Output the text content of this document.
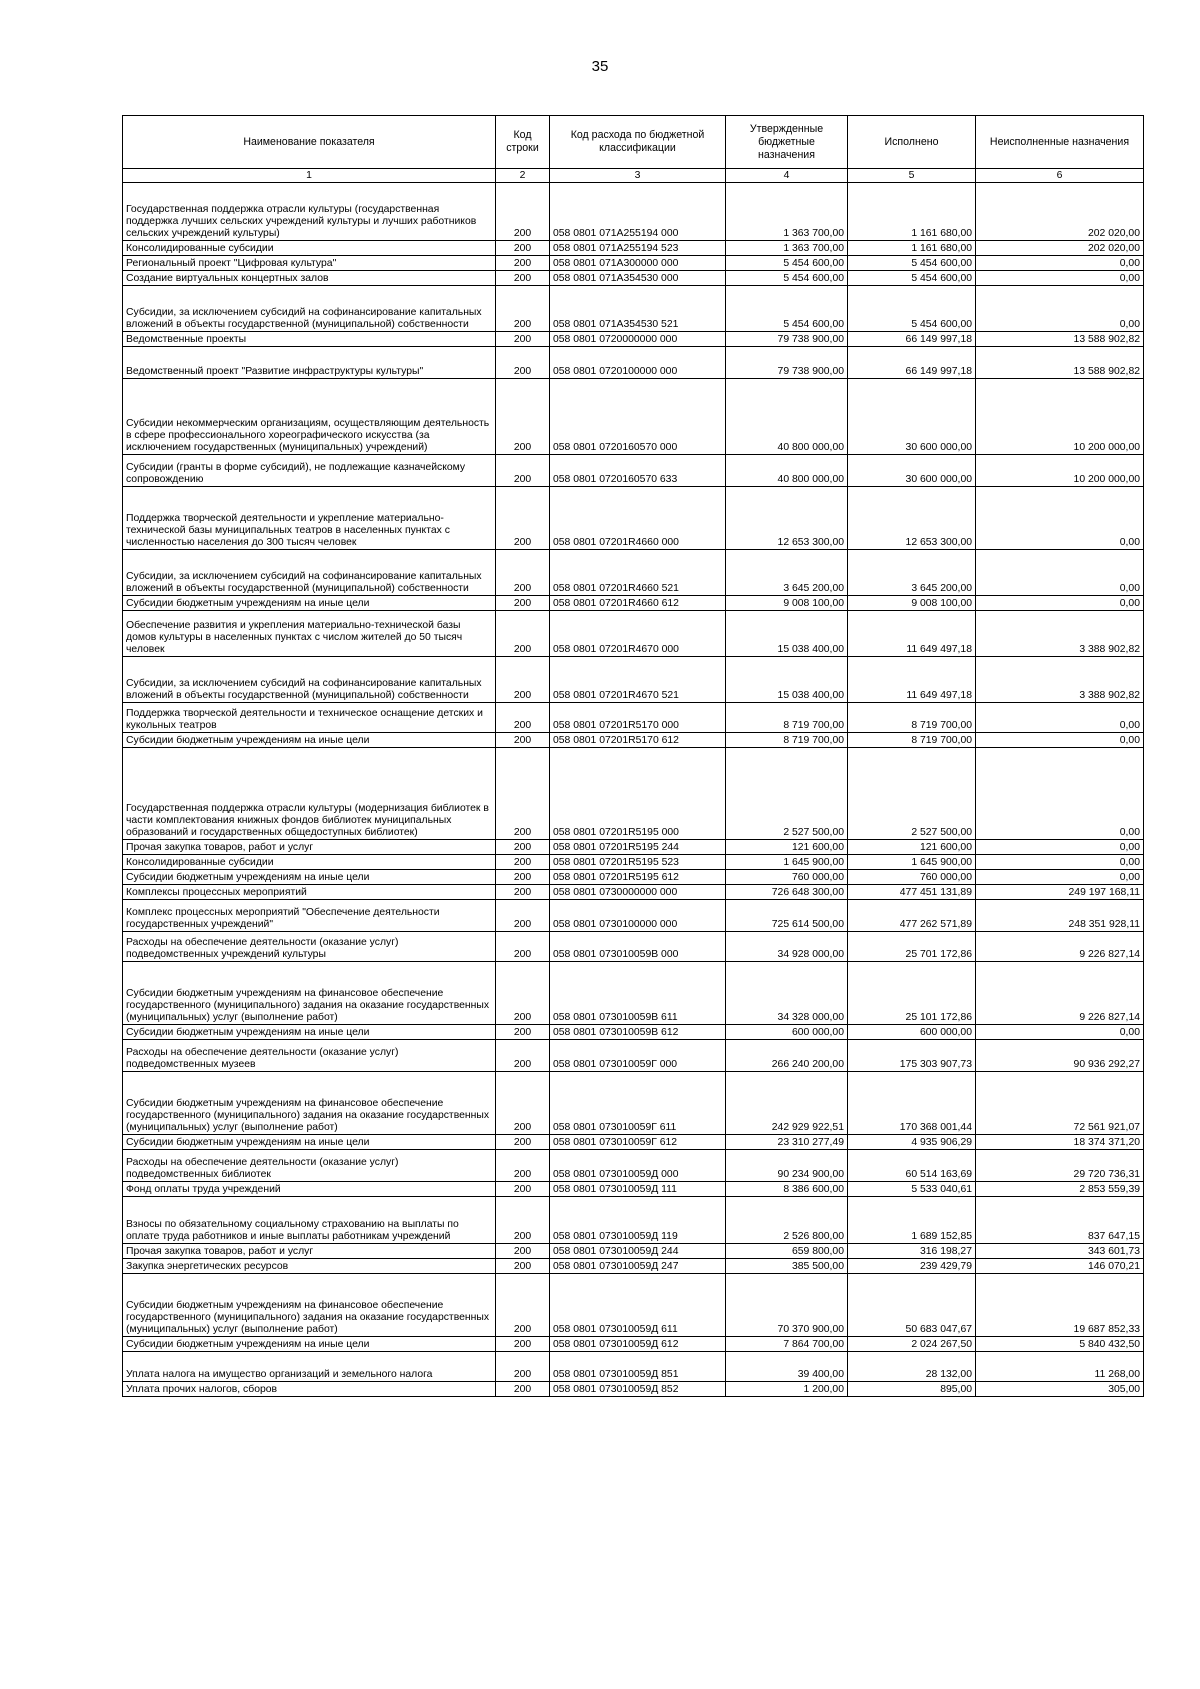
35
Наименование показателя	Код строки	Код расхода по бюджетной классификации	Утвержденные бюджетные назначения	Исполнено	Неисполненные назначения
1	2	3	4	5	6
Государственная поддержка отрасли культуры (государственная поддержка лучших сельских учреждений культуры и лучших работников сельских учреждений культуры)	200	058 0801 071A255194 000	1 363 700,00	1 161 680,00	202 020,00
Консолидированные субсидии	200	058 0801 071A255194 523	1 363 700,00	1 161 680,00	202 020,00
Региональный проект "Цифровая культура"	200	058 0801 071A300000 000	5 454 600,00	5 454 600,00	0,00
Создание виртуальных концертных залов	200	058 0801 071A354530 000	5 454 600,00	5 454 600,00	0,00
Субсидии, за исключением субсидий на софинансирование капитальных вложений в объекты государственной (муниципальной) собственности	200	058 0801 071A354530 521	5 454 600,00	5 454 600,00	0,00
Ведомственные проекты	200	058 0801 0720000000 000	79 738 900,00	66 149 997,18	13 588 902,82
Ведомственный проект "Развитие инфраструктуры культуры"	200	058 0801 0720100000 000	79 738 900,00	66 149 997,18	13 588 902,82
Субсидии некоммерческим организациям, осуществляющим деятельность в сфере профессионального хореографического искусства (за исключением государственных (муниципальных) учреждений)	200	058 0801 0720160570 000	40 800 000,00	30 600 000,00	10 200 000,00
Субсидии (гранты в форме субсидий), не подлежащие казначейскому сопровождению	200	058 0801 0720160570 633	40 800 000,00	30 600 000,00	10 200 000,00
Поддержка творческой деятельности и укрепление материально-технической базы муниципальных театров в населенных пунктах с численностью населения до 300 тысяч человек	200	058 0801 07201R4660 000	12 653 300,00	12 653 300,00	0,00
Субсидии, за исключением субсидий на софинансирование капитальных вложений в объекты государственной (муниципальной) собственности	200	058 0801 07201R4660 521	3 645 200,00	3 645 200,00	0,00
Субсидии бюджетным учреждениям на иные цели	200	058 0801 07201R4660 612	9 008 100,00	9 008 100,00	0,00
Обеспечение развития и укрепления материально-технической базы домов культуры в населенных пунктах с числом жителей до 50 тысяч человек	200	058 0801 07201R4670 000	15 038 400,00	11 649 497,18	3 388 902,82
Субсидии, за исключением субсидий на софинансирование капитальных вложений в объекты государственной (муниципальной) собственности	200	058 0801 07201R4670 521	15 038 400,00	11 649 497,18	3 388 902,82
Поддержка творческой деятельности и техническое оснащение детских и кукольных театров	200	058 0801 07201R5170 000	8 719 700,00	8 719 700,00	0,00
Субсидии бюджетным учреждениям на иные цели	200	058 0801 07201R5170 612	8 719 700,00	8 719 700,00	0,00
Государственная поддержка отрасли культуры (модернизация библиотек в части комплектования книжных фондов библиотек муниципальных образований и государственных общедоступных библиотек)	200	058 0801 07201R5195 000	2 527 500,00	2 527 500,00	0,00
Прочая закупка товаров, работ и услуг	200	058 0801 07201R5195 244	121 600,00	121 600,00	0,00
Консолидированные субсидии	200	058 0801 07201R5195 523	1 645 900,00	1 645 900,00	0,00
Субсидии бюджетным учреждениям на иные цели	200	058 0801 07201R5195 612	760 000,00	760 000,00	0,00
Комплексы процессных мероприятий	200	058 0801 0730000000 000	726 648 300,00	477 451 131,89	249 197 168,11
Комплекс процессных мероприятий "Обеспечение деятельности государственных учреждений"	200	058 0801 0730100000 000	725 614 500,00	477 262 571,89	248 351 928,11
Расходы на обеспечение деятельности (оказание услуг) подведомственных учреждений культуры	200	058 0801 073010059В 000	34 928 000,00	25 701 172,86	9 226 827,14
Субсидии бюджетным учреждениям на финансовое обеспечение государственного (муниципального) задания на оказание государственных (муниципальных) услуг (выполнение работ)	200	058 0801 073010059В 611	34 328 000,00	25 101 172,86	9 226 827,14
Субсидии бюджетным учреждениям на иные цели	200	058 0801 073010059В 612	600 000,00	600 000,00	0,00
Расходы на обеспечение деятельности (оказание услуг) подведомственных музеев	200	058 0801 073010059Г 000	266 240 200,00	175 303 907,73	90 936 292,27
Субсидии бюджетным учреждениям на финансовое обеспечение государственного (муниципального) задания на оказание государственных (муниципальных) услуг (выполнение работ)	200	058 0801 073010059Г 611	242 929 922,51	170 368 001,44	72 561 921,07
Субсидии бюджетным учреждениям на иные цели	200	058 0801 073010059Г 612	23 310 277,49	4 935 906,29	18 374 371,20
Расходы на обеспечение деятельности (оказание услуг) подведомственных библиотек	200	058 0801 073010059Д 000	90 234 900,00	60 514 163,69	29 720 736,31
Фонд оплаты труда учреждений	200	058 0801 073010059Д 111	8 386 600,00	5 533 040,61	2 853 559,39
Взносы по обязательному социальному страхованию на выплаты по оплате труда работников и иные выплаты работникам учреждений	200	058 0801 073010059Д 119	2 526 800,00	1 689 152,85	837 647,15
Прочая закупка товаров, работ и услуг	200	058 0801 073010059Д 244	659 800,00	316 198,27	343 601,73
Закупка энергетических ресурсов	200	058 0801 073010059Д 247	385 500,00	239 429,79	146 070,21
Субсидии бюджетным учреждениям на финансовое обеспечение государственного (муниципального) задания на оказание государственных (муниципальных) услуг (выполнение работ)	200	058 0801 073010059Д 611	70 370 900,00	50 683 047,67	19 687 852,33
Субсидии бюджетным учреждениям на иные цели	200	058 0801 073010059Д 612	7 864 700,00	2 024 267,50	5 840 432,50
Уплата налога на имущество организаций и земельного налога	200	058 0801 073010059Д 851	39 400,00	28 132,00	11 268,00
Уплата прочих налогов, сборов	200	058 0801 073010059Д 852	1 200,00	895,00	305,00
